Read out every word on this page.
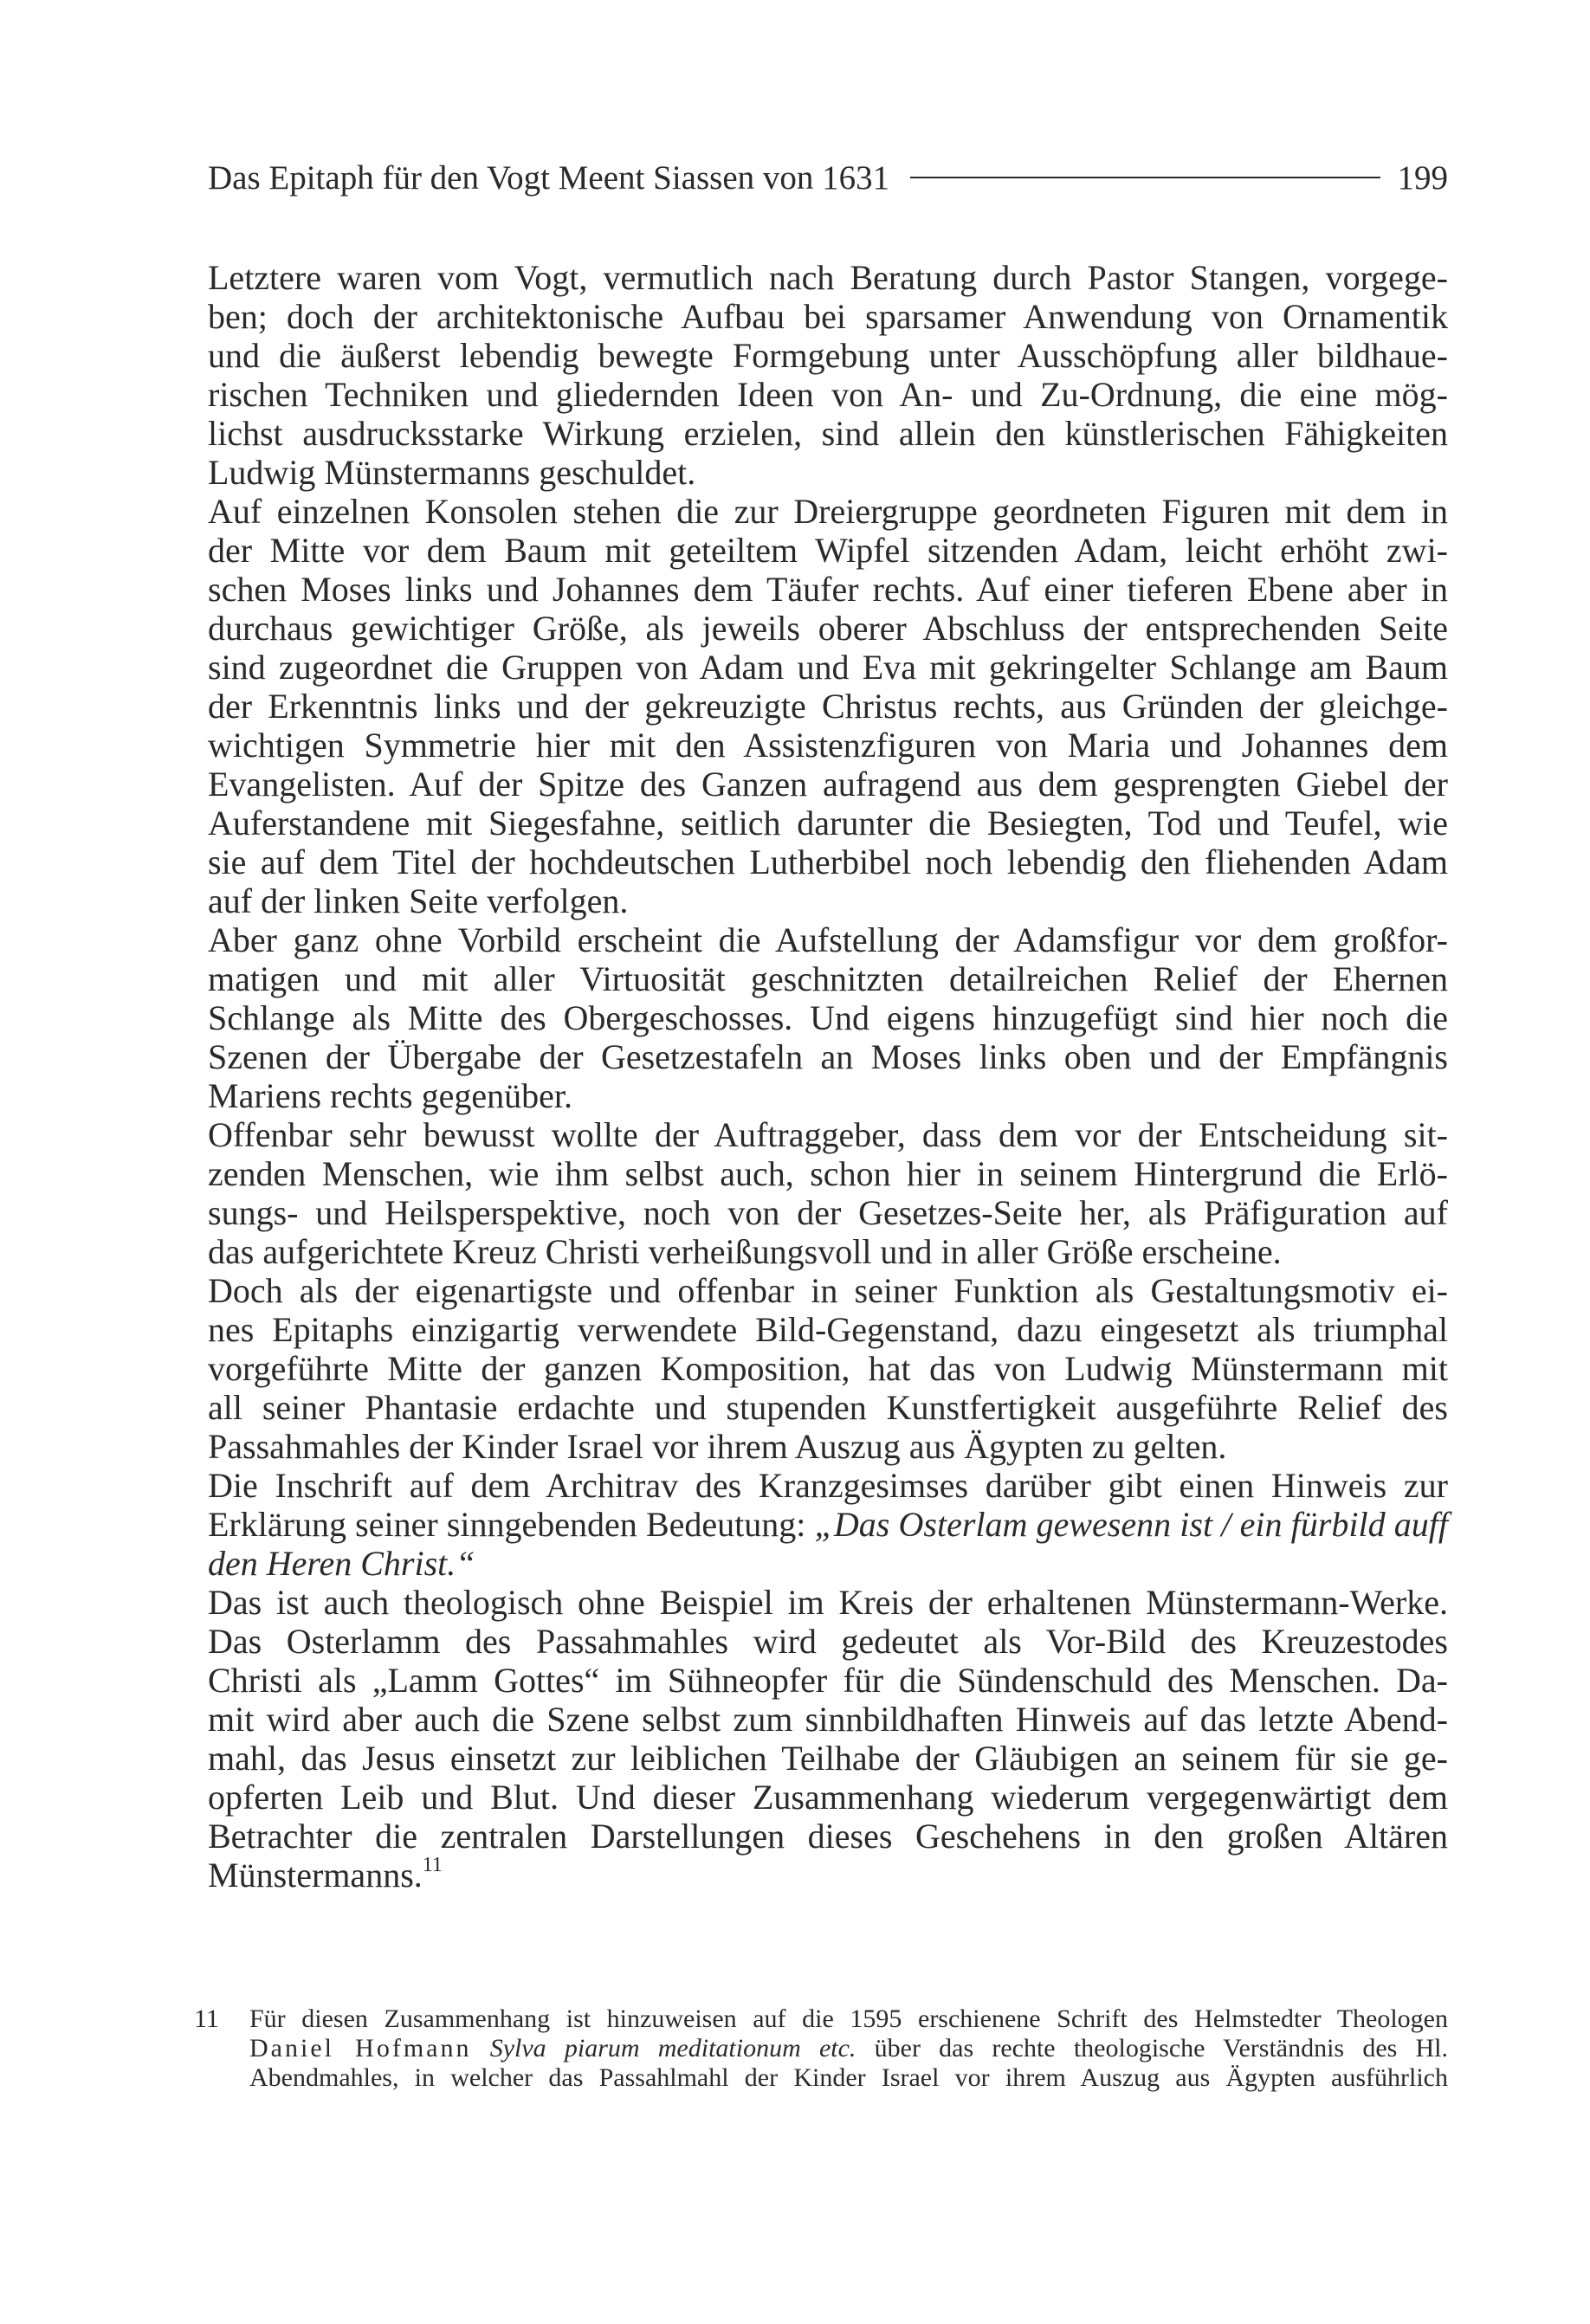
Das Epitaph für den Vogt Meent Siassen von 1631	199
Letztere waren vom Vogt, vermutlich nach Beratung durch Pastor Stangen, vorgege-
ben; doch der architektonische Aufbau bei sparsamer Anwendung von Ornamentik
und die äußerst lebendig bewegte Formgebung unter Ausschöpfung aller bildhaue-
rischen Techniken und gliedernden Ideen von An- und Zu-Ordnung, die eine mög-
lichst ausdrucksstarke Wirkung erzielen, sind allein den künstlerischen Fähigkeiten
Ludwig Münstermanns geschuldet.
Auf einzelnen Konsolen stehen die zur Dreiergruppe geordneten Figuren mit dem in
der Mitte vor dem Baum mit geteiltem Wipfel sitzenden Adam, leicht erhöht zwi-
schen Moses links und Johannes dem Täufer rechts. Auf einer tieferen Ebene aber in
durchaus gewichtiger Größe, als jeweils oberer Abschluss der entsprechenden Seite
sind zugeordnet die Gruppen von Adam und Eva mit gekringelter Schlange am Baum
der Erkenntnis links und der gekreuzigte Christus rechts, aus Gründen der gleichge-
wichtigen Symmetrie hier mit den Assistenzfiguren von Maria und Johannes dem
Evangelisten. Auf der Spitze des Ganzen aufragend aus dem gesprengten Giebel der
Auferstandene mit Siegesfahne, seitlich darunter die Besiegten, Tod und Teufel, wie
sie auf dem Titel der hochdeutschen Lutherbibel noch lebendig den fliehenden Adam
auf der linken Seite verfolgen.
Aber ganz ohne Vorbild erscheint die Aufstellung der Adamsfigur vor dem großfor-
matigen und mit aller Virtuosität geschnitzten detailreichen Relief der Ehernen
Schlange als Mitte des Obergeschosses. Und eigens hinzugefügt sind hier noch die
Szenen der Übergabe der Gesetzestafeln an Moses links oben und der Empfängnis
Mariens rechts gegenüber.
Offenbar sehr bewusst wollte der Auftraggeber, dass dem vor der Entscheidung sit-
zenden Menschen, wie ihm selbst auch, schon hier in seinem Hintergrund die Erlö-
sungs- und Heilsperspektive, noch von der Gesetzes-Seite her, als Präfiguration auf
das aufgerichtete Kreuz Christi verheißungsvoll und in aller Größe erscheine.
Doch als der eigenartigste und offenbar in seiner Funktion als Gestaltungsmotiv ei-
nes Epitaphs einzigartig verwendete Bild-Gegenstand, dazu eingesetzt als triumphal
vorgeführte Mitte der ganzen Komposition, hat das von Ludwig Münstermann mit
all seiner Phantasie erdachte und stupenden Kunstfertigkeit ausgeführte Relief des
Passahmahles der Kinder Israel vor ihrem Auszug aus Ägypten zu gelten.
Die Inschrift auf dem Architrav des Kranzgesimses darüber gibt einen Hinweis zur
Erklärung seiner sinngebenden Bedeutung: „Das Osterlam gewesenn ist / ein fürbild auff
den Heren Christ.“
Das ist auch theologisch ohne Beispiel im Kreis der erhaltenen Münstermann-Werke.
Das Osterlamm des Passahmahles wird gedeutet als Vor-Bild des Kreuzestodes
Christi als „Lamm Gottes“ im Sühneopfer für die Sündenschuld des Menschen. Da-
mit wird aber auch die Szene selbst zum sinnbildhaften Hinweis auf das letzte Abend-
mahl, das Jesus einsetzt zur leiblichen Teilhabe der Gläubigen an seinem für sie ge-
opferten Leib und Blut. Und dieser Zusammenhang wiederum vergegenwärtigt dem
Betrachter die zentralen Darstellungen dieses Geschehens in den großen Altären
Münstermanns.$^{11}$
11	Für diesen Zusammenhang ist hinzuweisen auf die 1595 erschienene Schrift des Helmstedter Theologen
Daniel Hofmann Sylva piarum meditationum etc. über das rechte theologische Verständnis des Hl.
Abendmahles, in welcher das Passahlmahl der Kinder Israel vor ihrem Auszug aus Ägypten ausführlich
